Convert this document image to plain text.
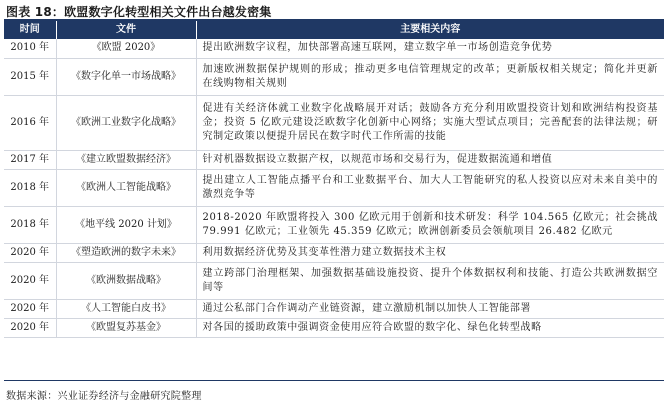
图表 18：欧盟数字化转型相关文件出台越发密集
时间	文件	主要相关内容
2010 年	《欧盟 2020》	提出欧洲数字议程，加快部署高速互联网，建立数字单一市场创造竞争优势
2015 年	《数字化单一市场战略》	加速欧洲数据保护规则的形成；推动更多电信管理规定的改革；更新版权相关规定；简化并更新在线购物相关规则
2016 年	《欧洲工业数字化战略》	促进有关经济体就工业数字化战略展开对话；鼓励各方充分利用欧盟投资计划和欧洲结构投资基金；投资 5 亿欧元建设泛欧数字化创新中心网络；实施大型试点项目；完善配套的法律法规；研究制定政策以便提升居民在数字时代工作所需的技能
2017 年	《建立欧盟数据经济》	针对机器数据设立数据产权，以规范市场和交易行为，促进数据流通和增值
2018 年	《欧洲人工智能战略》	提出建立人工智能点播平台和工业数据平台、加大人工智能研究的私人投资以应对未来自美中的激烈竞争等
2018 年	《地平线 2020 计划》	2018-2020 年欧盟将投入 300 亿欧元用于创新和技术研发：科学 104.565 亿欧元；社会挑战 79.991 亿欧元；工业领先 45.359 亿欧元；欧洲创新委员会领航项目 26.482 亿欧元
2020 年	《塑造欧洲的数字未来》	利用数据经济优势及其变革性潜力建立数据技术主权
2020 年	《欧洲数据战略》	建立跨部门治理框架、加强数据基础设施投资、提升个体数据权利和技能、打造公共欧洲数据空间等
2020 年	《人工智能白皮书》	通过公私部门合作调动产业链资源，建立激励机制以加快人工智能部署
2020 年	《欧盟复苏基金》	对各国的援助政策中强调资金使用应符合欧盟的数字化、绿色化转型战略
数据来源：兴业证券经济与金融研究院整理
